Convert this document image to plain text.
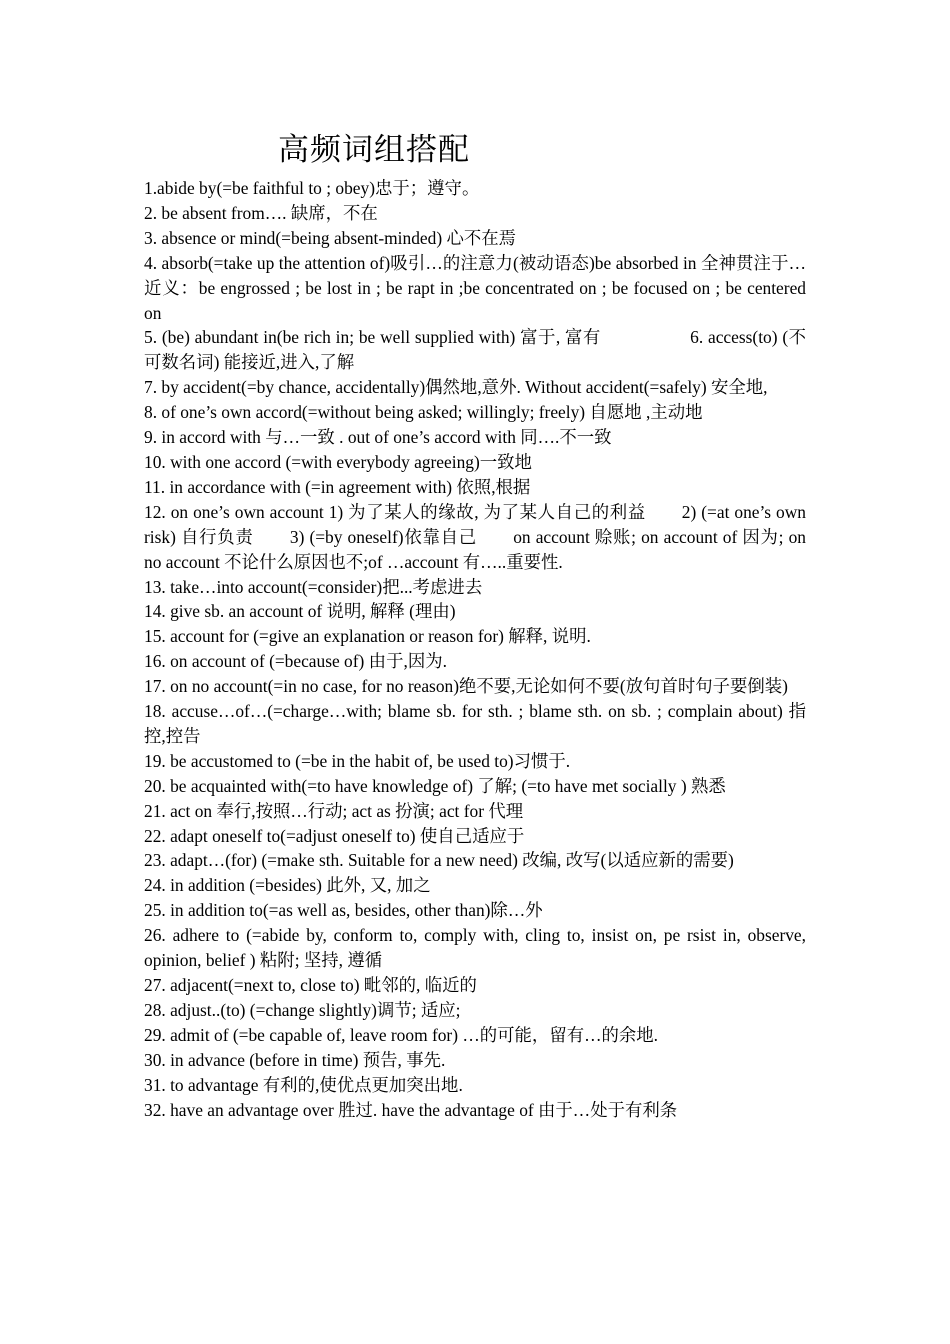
高频词组搭配

1.abide by(=be faithful to ; obey)忠于；遵守。

2. be absent from…. 缺席，不在

3. absence or mind(=being absent-minded) 心不在焉

4. absorb(=take up the attention of)吸引…的注意力(被动语态)be absorbed in 全神贯注于…　　近义：be engrossed ; be lost in ; be rapt in ;be concentrated on ; be focused on ; be centered on

5. (be) abundant in(be rich in; be well supplied with) 富于, 富有　　　　　6. access(to) (不可数名词) 能接近,进入,了解

7. by accident(=by chance, accidentally)偶然地,意外. Without accident(=safely) 安全地,

8. of one’s own accord(=without being asked; willingly; freely) 自愿地 ,主动地

9. in accord with 与…一致 . out of one’s accord with 同….不一致

10. with one accord (=with everybody agreeing)一致地

11. in accordance with (=in agreement with) 依照,根据

12. on one’s own account 1) 为了某人的缘故, 为了某人自己的利益　　2) (=at one’s own risk) 自行负责　　3) (=by oneself)依靠自己　　on account 赊账; on account of 因为; on no account 不论什么原因也不;of …account 有…..重要性.

13. take…into account(=consider)把...考虑进去

14. give sb. an account of 说明, 解释 (理由)

15. account for (=give an explanation or reason for) 解释, 说明.

16. on account of (=because of) 由于,因为.

17. on no account(=in no case, for no reason)绝不要,无论如何不要(放句首时句子要倒装)

18. accuse…of…(=charge…with; blame sb. for sth. ; blame sth. on sb. ; complain about) 指控,控告

19. be accustomed to (=be in the habit of, be used to)习惯于.

20. be acquainted with(=to have knowledge of) 了解; (=to have met socially ) 熟悉

21. act on 奉行,按照…行动; act as 扮演; act for 代理

22. adapt oneself to(=adjust oneself to) 使自己适应于

23. adapt…(for) (=make sth. Suitable for a new need) 改编, 改写(以适应新的需要)

24. in addition (=besides) 此外, 又, 加之

25. in addition to(=as well as, besides, other than)除…外

26. adhere to (=abide by, conform to, comply with, cling to, insist on, pe rsist in, observe, opinion, belief ) 粘附; 坚持, 遵循

27. adjacent(=next to, close to) 毗邻的, 临近的

28. adjust..(to) (=change slightly)调节; 适应;

29. admit of (=be capable of, leave room for) …的可能，留有…的余地.

30. in advance (before in time) 预告, 事先.

31. to advantage 有利的,使优点更加突出地.

32. have an advantage over 胜过. have the advantage of 由于…处于有利条
